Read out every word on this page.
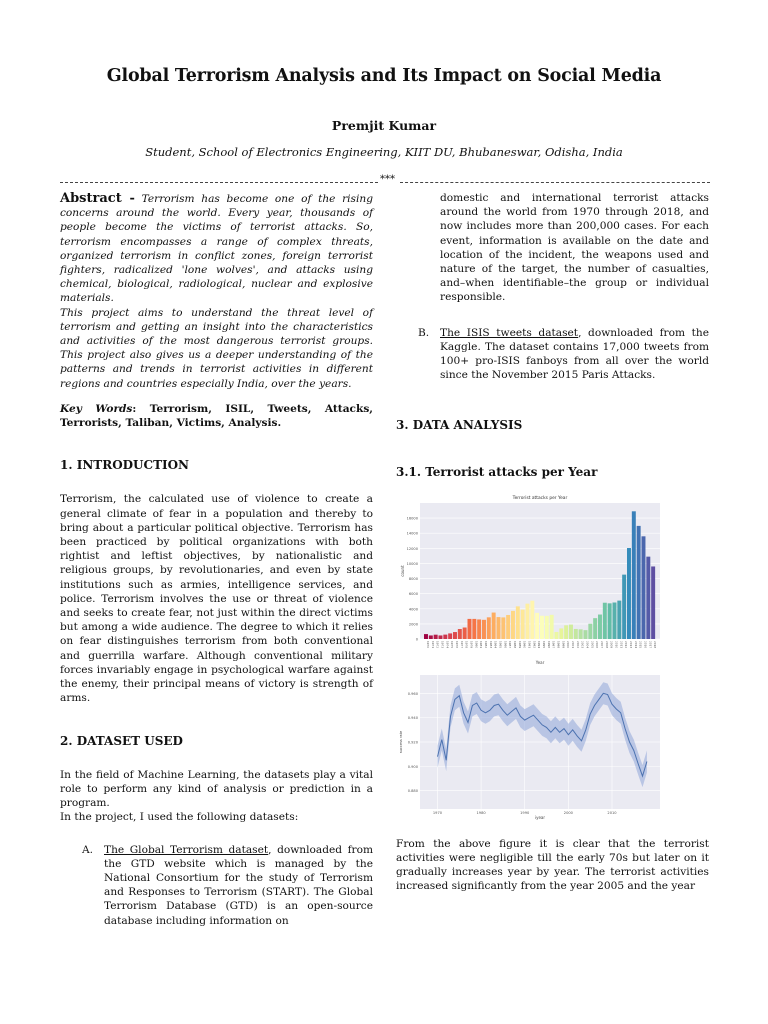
Global Terrorism Analysis and Its Impact on Social Media
Premjit Kumar
Student, School of Electronics Engineering, KIIT DU, Bhubaneswar, Odisha, India
***
Abstract - Terrorism has become one of the rising concerns around the world. Every year, thousands of people become the victims of terrorist attacks. So, terrorism encompasses a range of complex threats, organized terrorism in conflict zones, foreign terrorist fighters, radicalized 'lone wolves', and attacks using chemical, biological, radiological, nuclear and explosive materials.
This project aims to understand the threat level of terrorism and getting an insight into the characteristics and activities of the most dangerous terrorist groups. This project also gives us a deeper understanding of the patterns and trends in terrorist activities in different regions and countries especially India, over the years.
Key Words: Terrorism, ISIL, Tweets, Attacks, Terrorists, Taliban, Victims, Analysis.
1. INTRODUCTION
Terrorism, the calculated use of violence to create a general climate of fear in a population and thereby to bring about a particular political objective. Terrorism has been practiced by political organizations with both rightist and leftist objectives, by nationalistic and religious groups, by revolutionaries, and even by state institutions such as armies, intelligence services, and police. Terrorism involves the use or threat of violence and seeks to create fear, not just within the direct victims but among a wide audience. The degree to which it relies on fear distinguishes terrorism from both conventional and guerrilla warfare. Although conventional military forces invariably engage in psychological warfare against the enemy, their principal means of victory is strength of arms.
2. DATASET USED
In the field of Machine Learning, the datasets play a vital role to perform any kind of analysis or prediction in a program.
In the project, I used the following datasets:
A.	The Global Terrorism dataset, downloaded from the GTD website which is managed by the National Consortium for the study of Terrorism and Responses to Terrorism (START). The Global Terrorism Database (GTD) is an open-source database including information on
domestic and international terrorist attacks around the world from 1970 through 2018, and now includes more than 200,000 cases. For each event, information is available on the date and location of the incident, the weapons used and nature of the target, the number of casualties, and–when identifiable–the group or individual responsible.
B.	The ISIS tweets dataset, downloaded from the Kaggle. The dataset contains 17,000 tweets from 100+ pro-ISIS fanboys from all over the world since the November 2015 Paris Attacks.
3. DATA ANALYSIS
3.1. Terrorist attacks per Year
0
2000
4000
6000
8000
10000
12000
14000
16000
1970 1971 1972 1973 1974 1975 1976 1977 1978 1979 1980 1981 1982 1983 1984 1985 1986 1987 1988 1989 1990 1991 1992 1994 1995 1996 1997 1998 1999 2000 2001 2002 2003 2004 2005 2006 2007 2008 2009 2010 2011 2012 2013 2014 2015 2016 2017 2018
Terrorist attacks per Year
Year
count
0.880
0.900
0.920
0.940
0.960
1970	1980	1990	2000	2010
iyear
success rate
From the above figure it is clear that the terrorist activities were negligible till the early 70s but later on it gradually increases year by year. The terrorist activities increased significantly from the year 2005 and the year
